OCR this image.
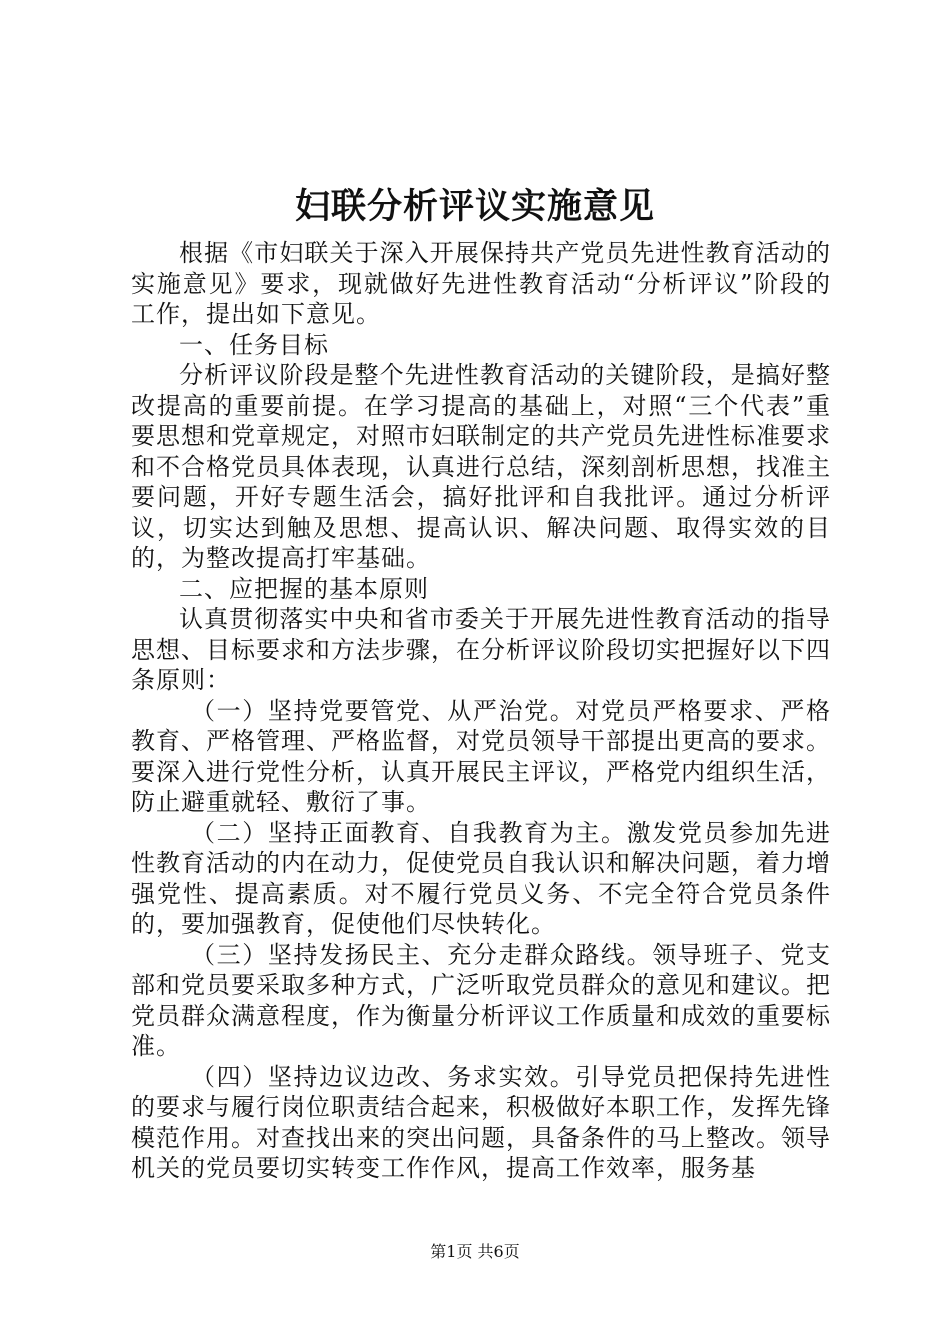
妇联分析评议实施意见

根据《市妇联关于深入开展保持共产党员先进性教育活动的实施意见》要求，现就做好先进性教育活动“分析评议”阶段的工作，提出如下意见。

一、任务目标

分析评议阶段是整个先进性教育活动的关键阶段，是搞好整改提高的重要前提。在学习提高的基础上，对照“三个代表”重要思想和党章规定，对照市妇联制定的共产党员先进性标准要求和不合格党员具体表现，认真进行总结，深刻剖析思想，找准主要问题，开好专题生活会，搞好批评和自我批评。通过分析评议，切实达到触及思想、提高认识、解决问题、取得实效的目的，为整改提高打牢基础。

二、应把握的基本原则

认真贯彻落实中央和省市委关于开展先进性教育活动的指导思想、目标要求和方法步骤，在分析评议阶段切实把握好以下四条原则：

（一）坚持党要管党、从严治党。对党员严格要求、严格教育、严格管理、严格监督，对党员领导干部提出更高的要求。要深入进行党性分析，认真开展民主评议，严格党内组织生活，防止避重就轻、敷衍了事。

（二）坚持正面教育、自我教育为主。激发党员参加先进性教育活动的内在动力，促使党员自我认识和解决问题，着力增强党性、提高素质。对不履行党员义务、不完全符合党员条件的，要加强教育，促使他们尽快转化。

（三）坚持发扬民主、充分走群众路线。领导班子、党支部和党员要采取多种方式，广泛听取党员群众的意见和建议。把党员群众满意程度，作为衡量分析评议工作质量和成效的重要标准。

（四）坚持边议边改、务求实效。引导党员把保持先进性的要求与履行岗位职责结合起来，积极做好本职工作，发挥先锋模范作用。对查找出来的突出问题，具备条件的马上整改。领导机关的党员要切实转变工作作风，提高工作效率，服务基

第1页 共6页
